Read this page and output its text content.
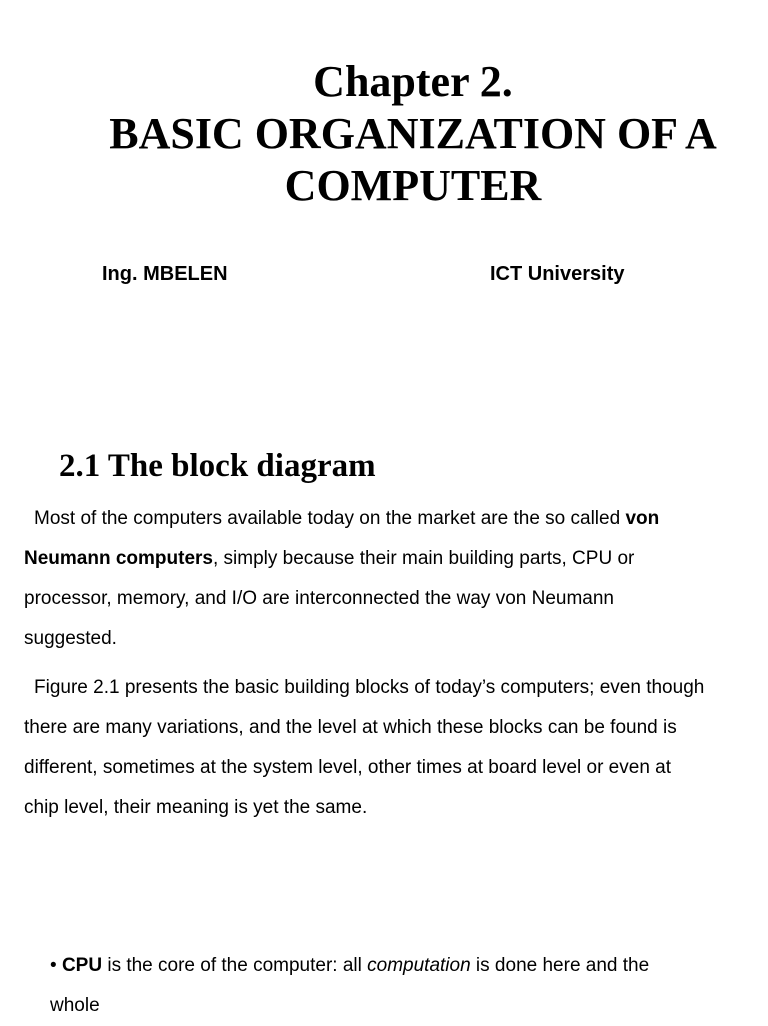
Chapter 2.
BASIC ORGANIZATION OF A
COMPUTER
Ing. MBELEN	ICT University
2.1 The block diagram

Most of the computers available today on the market are the so called von
Neumann computers, simply because their main building parts, CPU or
processor, memory, and I/O are interconnected the way von Neumann
suggested.

Figure 2.1 presents the basic building blocks of today’s computers; even though
there are many variations, and the level at which these blocks can be found is
different, sometimes at the system level, other times at board level or even at
chip level, their meaning is yet the same.

• CPU is the core of the computer: all computation is done here and the
whole
